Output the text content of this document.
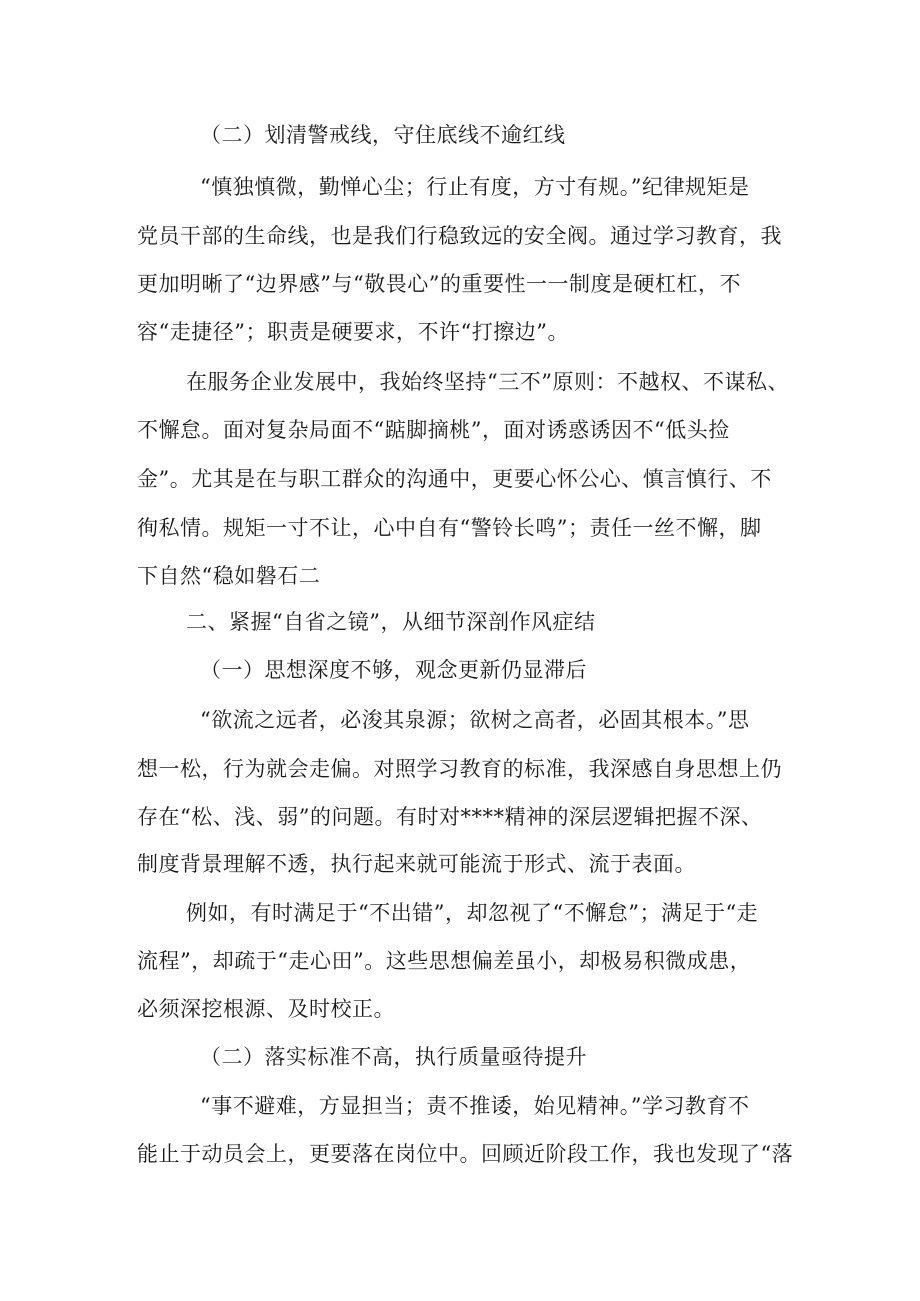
（二）划清警戒线，守住底线不逾红线
“慎独慎微，勤惮心尘；行止有度，方寸有规。”纪律规矩是
党员干部的生命线，也是我们行稳致远的安全阀。通过学习教育，我
更加明晰了“边界感”与“敬畏心”的重要性一一制度是硬杠杠，不
容“走捷径”；职责是硬要求，不许“打擦边”。
在服务企业发展中，我始终坚持“三不”原则：不越权、不谋私、
不懈怠。面对复杂局面不“踮脚摘桃”，面对诱惑诱因不“低头捡
金”。尤其是在与职工群众的沟通中，更要心怀公心、慎言慎行、不
徇私情。规矩一寸不让，心中自有“警铃长鸣”；责任一丝不懈，脚
下自然“稳如磐石二
二、紧握“自省之镜”，从细节深剖作风症结
（一）思想深度不够，观念更新仍显滞后
“欲流之远者，必浚其泉源；欲树之高者，必固其根本。”思
想一松，行为就会走偏。对照学习教育的标准，我深感自身思想上仍
存在“松、浅、弱”的问题。有时对****精神的深层逻辑把握不深、
制度背景理解不透，执行起来就可能流于形式、流于表面。
例如，有时满足于“不出错”，却忽视了“不懈怠”；满足于“走
流程”，却疏于“走心田”。这些思想偏差虽小，却极易积微成患，
必须深挖根源、及时校正。
（二）落实标准不高，执行质量亟待提升
“事不避难，方显担当；责不推诿，始见精神。”学习教育不
能止于动员会上，更要落在岗位中。回顾近阶段工作，我也发现了“落
